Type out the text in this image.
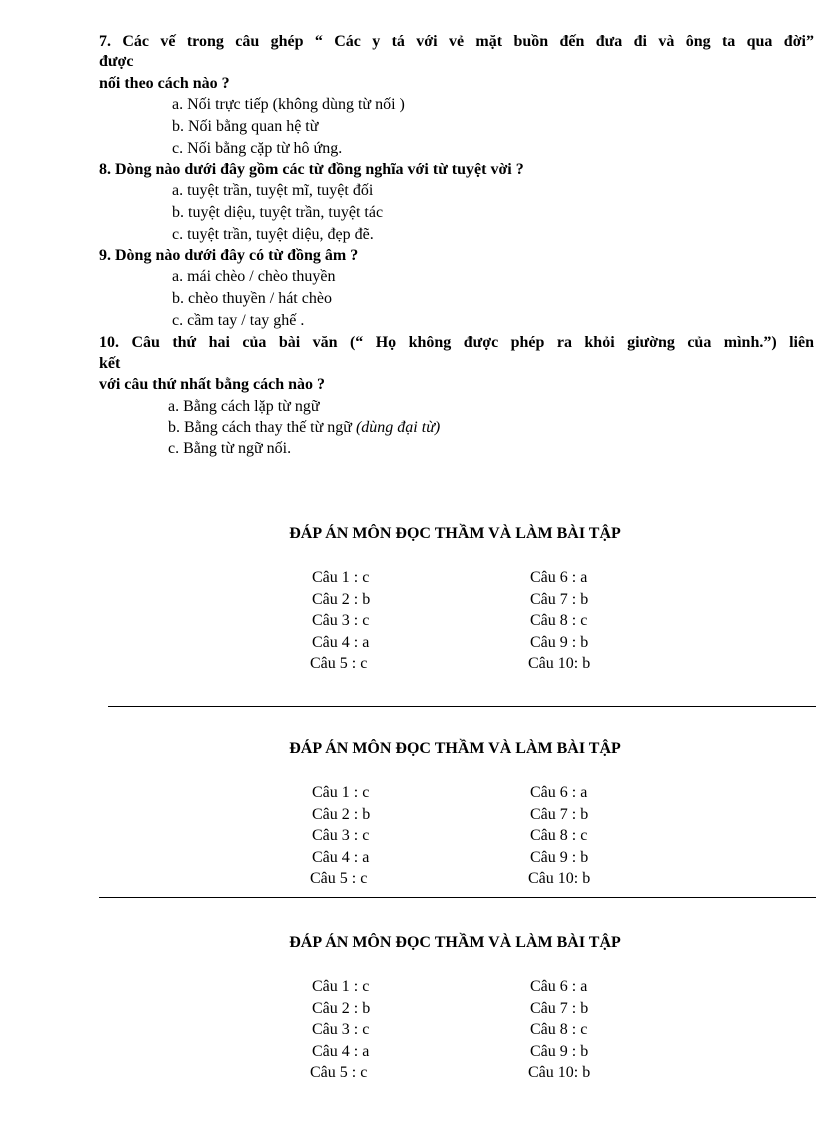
7. Các vế trong câu ghép “ Các y tá với vẻ mặt buồn đến đưa đi và ông ta qua đời”
được
nối theo cách nào ?
a. Nối trực tiếp (không dùng từ nối )
b. Nối bằng quan hệ từ
c. Nối bằng cặp từ hô ứng.
8. Dòng nào dưới đây gồm các từ đồng nghĩa với từ tuyệt vời ?
a. tuyệt trần, tuyệt mĩ, tuyệt đối
b. tuyệt diệu, tuyệt trần, tuyệt tác
c. tuyệt trần, tuyệt diệu, đẹp đẽ.
9. Dòng nào dưới đây có từ đồng âm ?
a. mái chèo / chèo thuyền
b. chèo thuyền / hát chèo
c. cầm tay / tay ghế .
10. Câu thứ hai của bài văn (“ Họ không được phép ra khỏi giường của mình.”) liên
với câu thứ nhất bằng cách nào ?
a. Bằng cách lặp từ ngữ
b. Bằng cách thay thế từ ngữ (dùng đại từ)
c. Bằng từ ngữ nối.
ĐÁP ÁN MÔN ĐỌC THẦM VÀ LÀM BÀI TẬP
Câu 1 : c
Câu 2 : b
Câu 3 : c
Câu 4 : a
Câu 5 : c
Câu 6 : a
Câu 7 : b
Câu 8 : c
Câu 9 : b
Câu 10: b
ĐÁP ÁN MÔN ĐỌC THẦM VÀ LÀM BÀI TẬP
Câu 1 : c
Câu 2 : b
Câu 3 : c
Câu 4 : a
Câu 5 : c
Câu 6 : a
Câu 7 : b
Câu 8 : c
Câu 9 : b
Câu 10: b
ĐÁP ÁN MÔN ĐỌC THẦM VÀ LÀM BÀI TẬP
Câu 1 : c
Câu 2 : b
Câu 3 : c
Câu 4 : a
Câu 5 : c
Câu 6 : a
Câu 7 : b
Câu 8 : c
Câu 9 : b
Câu 10: b
kết
